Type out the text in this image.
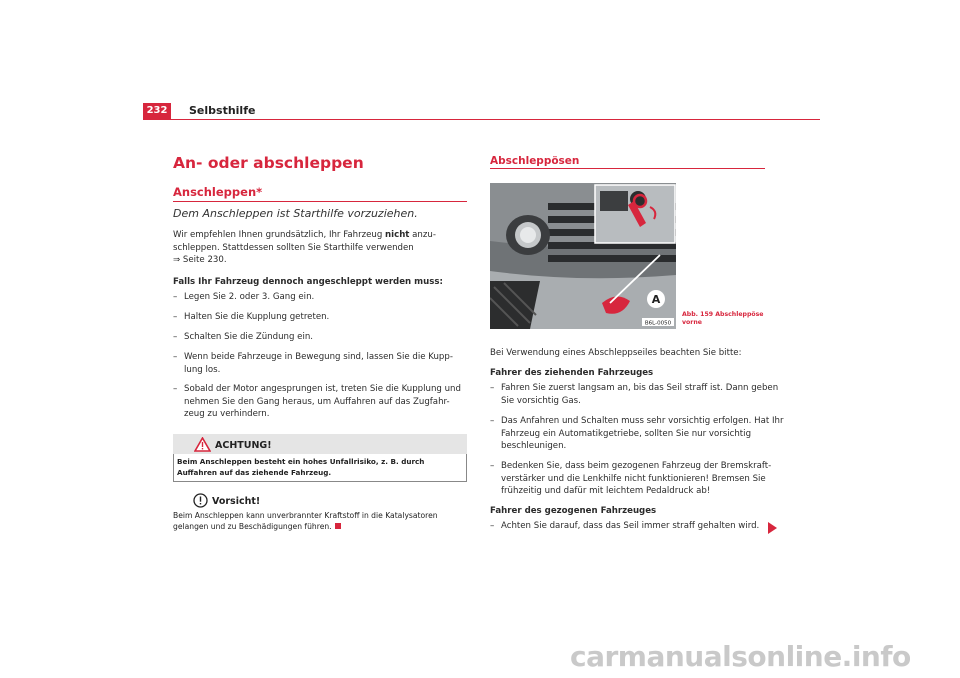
232	Selbsthilfe
An- oder abschleppen
Anschleppen*
Dem Anschleppen ist Starthilfe vorzuziehen.
Wir empfehlen Ihnen grundsätzlich, Ihr Fahrzeug nicht anzu-
schleppen. Stattdessen sollten Sie Starthilfe verwenden
⇒ Seite 230.
Falls Ihr Fahrzeug dennoch angeschleppt werden muss:
– Legen Sie 2. oder 3. Gang ein.
– Halten Sie die Kupplung getreten.
– Schalten Sie die Zündung ein.
– Wenn beide Fahrzeuge in Bewegung sind, lassen Sie die Kupp-
lung los.
– Sobald der Motor angesprungen ist, treten Sie die Kupplung und
nehmen Sie den Gang heraus, um Auffahren auf das Zugfahr-
zeug zu verhindern.
ACHTUNG!
Beim Anschleppen besteht ein hohes Unfallrisiko, z. B. durch Auffahren auf das ziehende Fahrzeug.
Vorsicht!
Beim Anschleppen kann unverbrannter Kraftstoff in die Katalysatoren gelangen und zu Beschädigungen führen.
Abschleppösen
A
B6L-0050
Abb. 159 Abschleppöse
vorne
Bei Verwendung eines Abschleppseiles beachten Sie bitte:
Fahrer des ziehenden Fahrzeuges
– Fahren Sie zuerst langsam an, bis das Seil straff ist. Dann geben
Sie vorsichtig Gas.
– Das Anfahren und Schalten muss sehr vorsichtig erfolgen. Hat Ihr
Fahrzeug ein Automatikgetriebe, sollten Sie nur vorsichtig
beschleunigen.
– Bedenken Sie, dass beim gezogenen Fahrzeug der Bremskraft-
verstärker und die Lenkhilfe nicht funktionieren! Bremsen Sie
frühzeitig und dafür mit leichtem Pedaldruck ab!
Fahrer des gezogenen Fahrzeuges
– Achten Sie darauf, dass das Seil immer straff gehalten wird.
carmanualsonline.info
